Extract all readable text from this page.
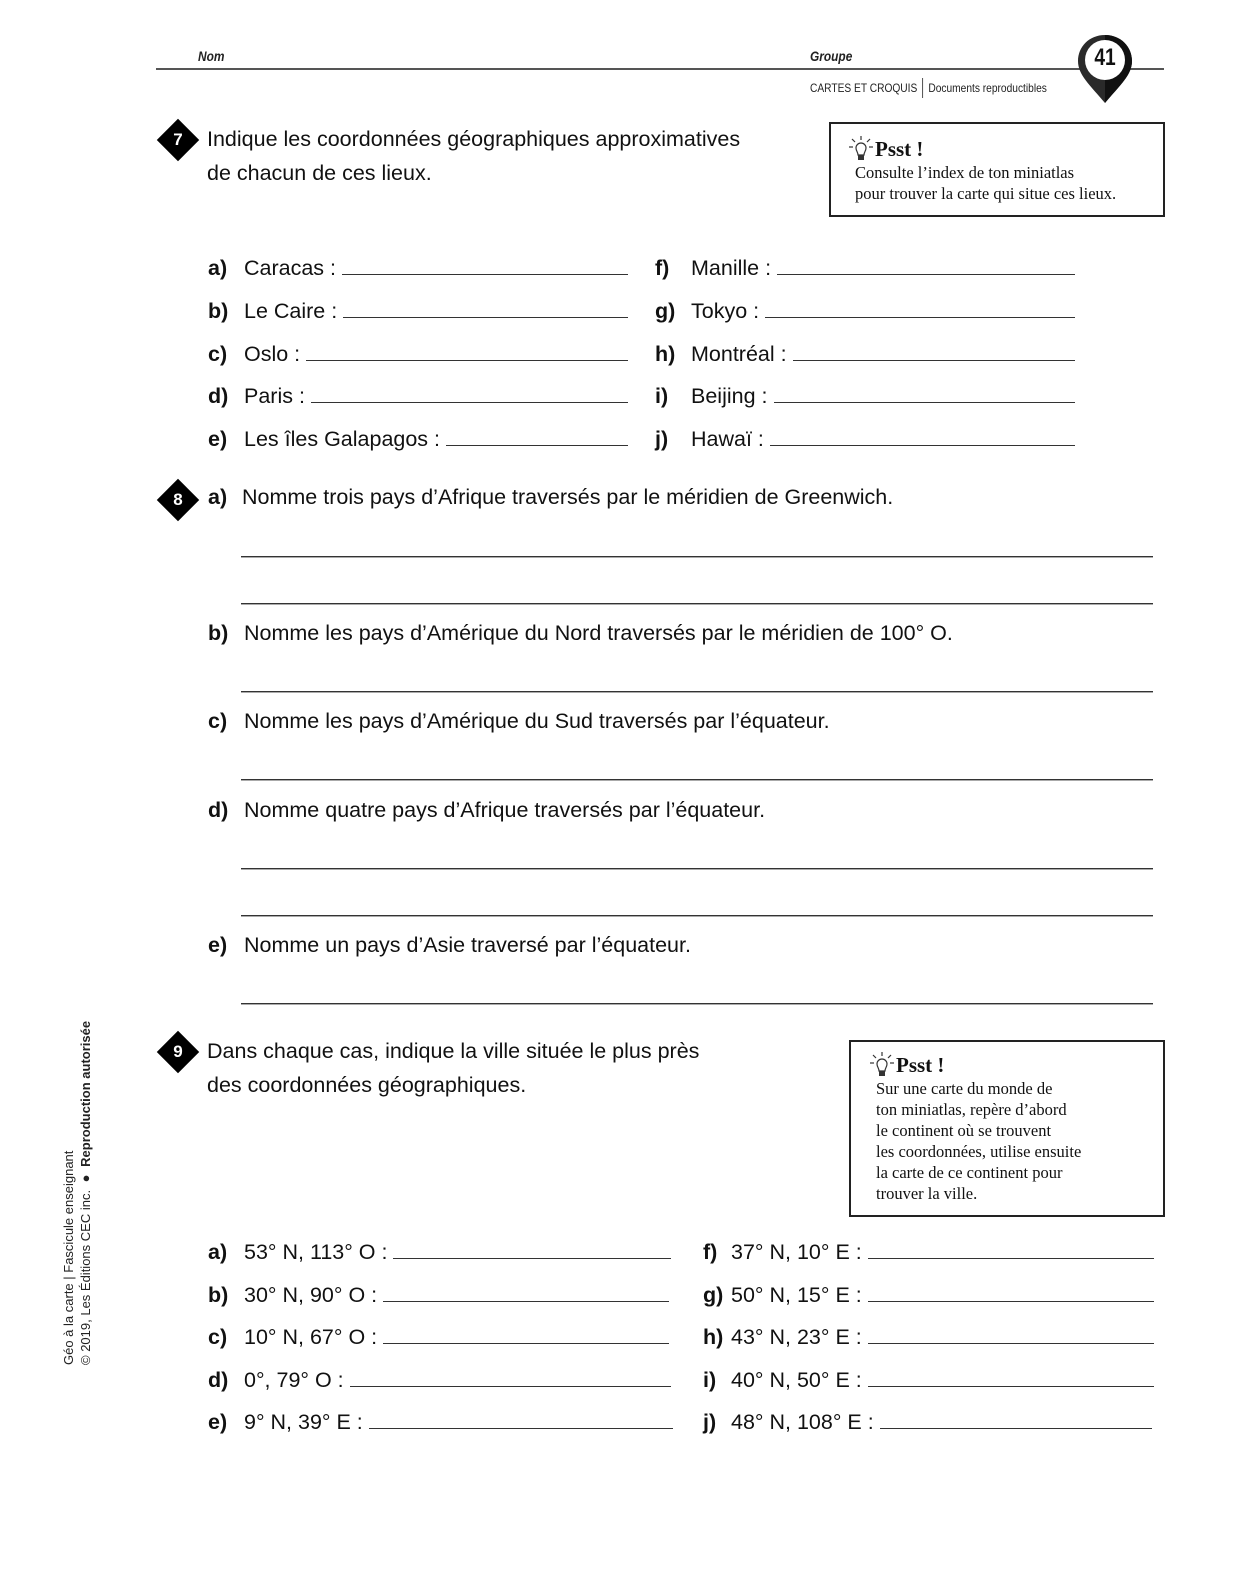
Nom	Groupe
CARTES ET CROQUIS Documents reproductibles
41
7	Indique les coordonnées géographiques approximatives
de chacun de ces lieux.
Psst !
Consulte l’index de ton miniatlas
pour trouver la carte qui situe ces lieux.
a) Caracas :
b) Le Caire :
c) Oslo :
d) Paris :
e) Les îles Galapagos :
f)	Manille :
g) Tokyo :
h) Montréal :
i)	Beijing :
j)	Hawaï :
8	a) Nomme trois pays d’Afrique traversés par le méridien de Greenwich.
b) Nomme les pays d’Amérique du Nord traversés par le méridien de 100° O.
c) Nomme les pays d’Amérique du Sud traversés par l’équateur.
d) Nomme quatre pays d’Afrique traversés par l’équateur.
e) Nomme un pays d’Asie traversé par l’équateur.
9	Dans chaque cas, indique la ville située le plus près
des coordonnées géographiques.
Psst !
Sur une carte du monde de
ton miniatlas, repère d’abord
le continent où se trouvent
les coordonnées, utilise ensuite
la carte de ce continent pour
trouver la ville.
a) 53° N, 113° O :
b) 30° N, 90° O :
c) 10° N, 67° O :
d) 0°, 79° O :
e) 9° N, 39° E :
f) 37° N, 10° E :
g) 50° N, 15° E :
h) 43° N, 23° E :
i) 40° N, 50° E :
j) 48° N, 108° E :
Géo à la carte | Fascicule enseignant © 2019, Les Éditions CEC inc. ● Reproduction autorisée
